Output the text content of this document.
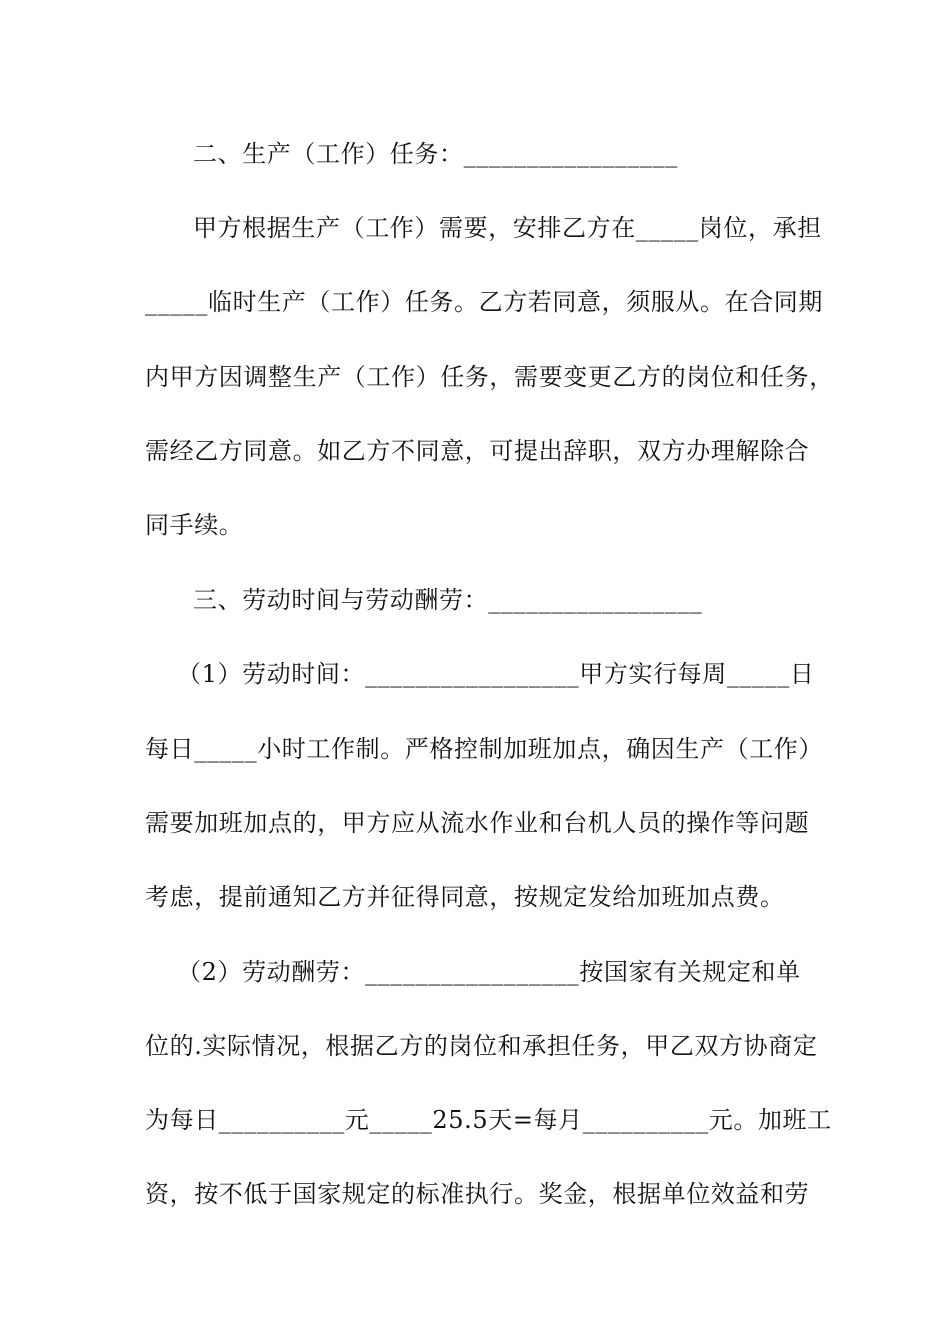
二、生产（工作）任务：_________________
甲方根据生产（工作）需要，安排乙方在_____岗位，承担
_____临时生产（工作）任务。乙方若同意，须服从。在合同期
内甲方因调整生产（工作）任务，需要变更乙方的岗位和任务，
需经乙方同意。如乙方不同意，可提出辞职，双方办理解除合
同手续。
三、劳动时间与劳动酬劳：_________________
（1）劳动时间：_________________甲方实行每周_____日
每日_____小时工作制。严格控制加班加点，确因生产（工作）
需要加班加点的，甲方应从流水作业和台机人员的操作等问题
考虑，提前通知乙方并征得同意，按规定发给加班加点费。
（2）劳动酬劳：_________________按国家有关规定和单
位的.实际情况，根据乙方的岗位和承担任务，甲乙双方协商定
为每日__________元_____25.5天=每月__________元。加班工
资，按不低于国家规定的标准执行。奖金，根据单位效益和劳
